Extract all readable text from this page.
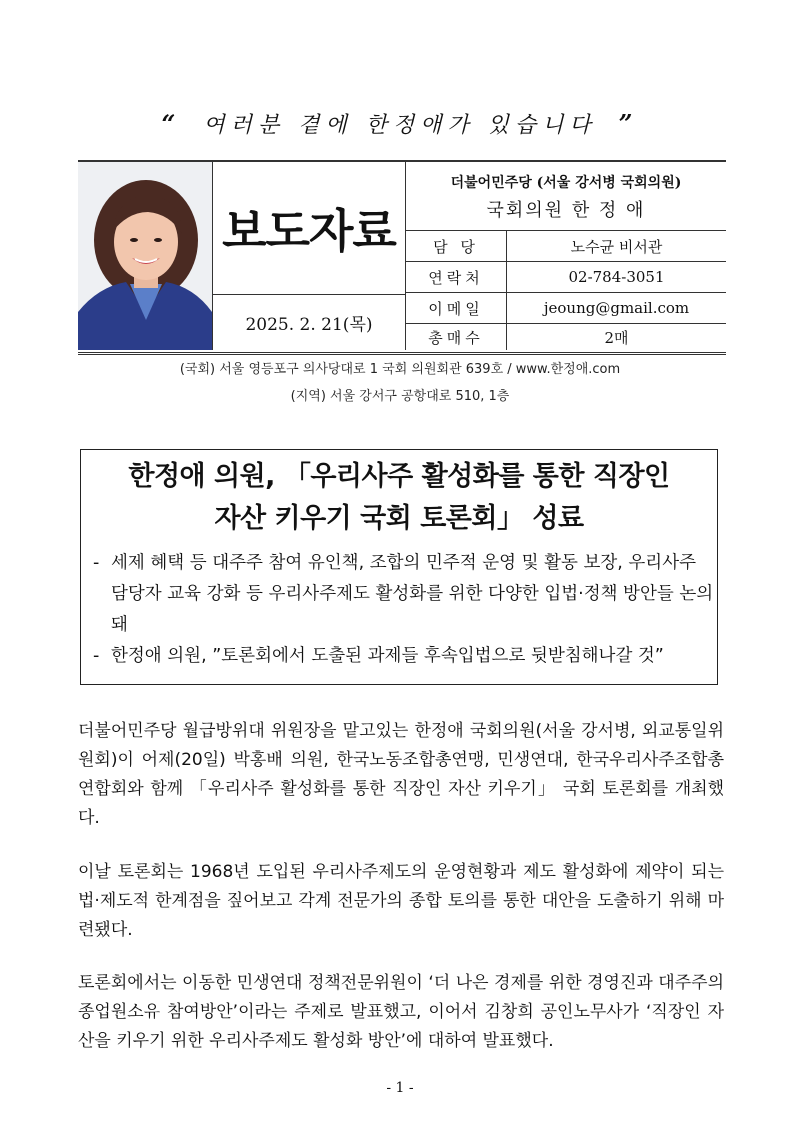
“ 여러분 곁에 한정애가 있습니다 ”
보도자료
2025. 2. 21(목)
더불어민주당 (서울 강서병 국회의원)
국회의원 한 정 애
담 당	노수균 비서관
연락처	02-784-3051
이메일	jeoung@gmail.com
총매수	2매
(국회) 서울 영등포구 의사당대로 1 국회 의원회관 639호 / www.한정애.com
(지역) 서울 강서구 공항대로 510, 1층
한정애 의원, 「우리사주 활성화를 통한 직장인
자산 키우기 국회 토론회」 성료
- 세제 혜택 등 대주주 참여 유인책, 조합의 민주적 운영 및 활동 보장, 우리사주 담당자 교육 강화 등 우리사주제도 활성화를 위한 다양한 입법·정책 방안들 논의돼
- 한정애 의원, ”토론회에서 도출된 과제들 후속입법으로 뒷받침해나갈 것”
더불어민주당 월급방위대 위원장을 맡고있는 한정애 국회의원(서울 강서병, 외교통일위원회)이 어제(20일) 박홍배 의원, 한국노동조합총연맹, 민생연대, 한국우리사주조합총연합회와 함께 「우리사주 활성화를 통한 직장인 자산 키우기」 국회 토론회를 개최했다.
이날 토론회는 1968년 도입된 우리사주제도의 운영현황과 제도 활성화에 제약이 되는 법·제도적 한계점을 짚어보고 각계 전문가의 종합 토의를 통한 대안을 도출하기 위해 마련됐다.
토론회에서는 이동한 민생연대 정책전문위원이 ‘더 나은 경제를 위한 경영진과 대주주의 종업원소유 참여방안’이라는 주제로 발표했고, 이어서 김창희 공인노무사가 ‘직장인 자산을 키우기 위한 우리사주제도 활성화 방안’에 대하여 발표했다.
- 1 -
